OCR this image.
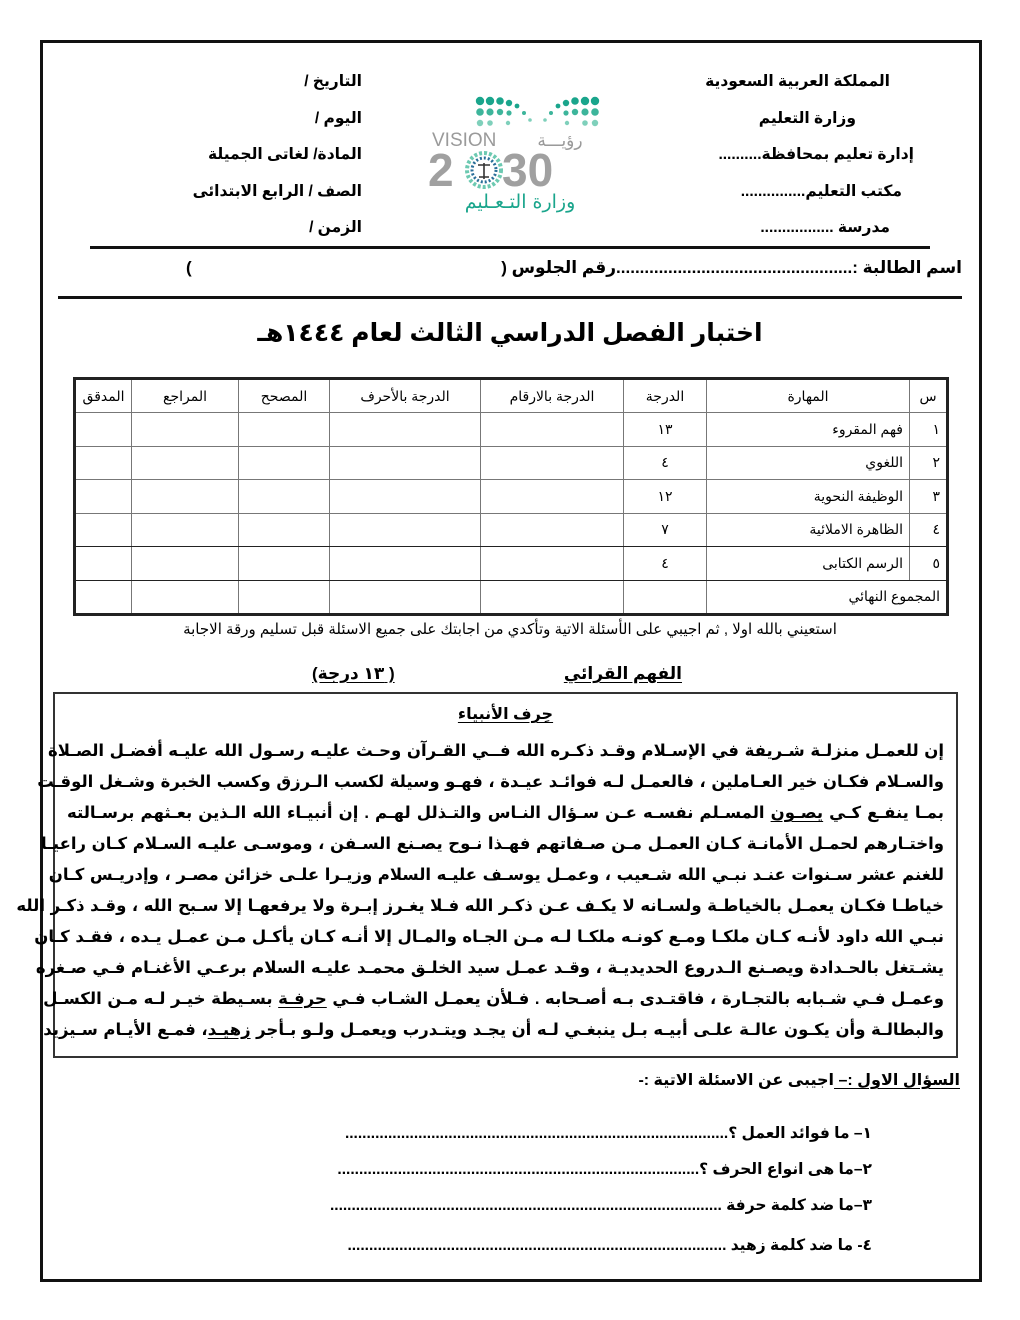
المملكة العربية السعودية
وزارة التعليم
إدارة تعليم بمحافظة..........
مكتب التعليم...............
مدرسة .................
VISION رؤيـــة
2 30
وزارة التـعـليم
التاريخ /
اليوم /
المادة/ لغاتى الجميلة
الصف / الرابع الابتدائى
الزمن /
اسم الطالبة :..................................................رقم الجلوس (
)
اختبار الفصل الدراسي الثالث لعام ١٤٤٤هـ
س	المهارة	الدرجة	الدرجة بالارقام	الدرجة بالأحرف	المصحح	المراجع	المدقق
١	فهم المقروء	١٣					
٢	اللغوي	٤					
٣	الوظيفة النحوية	١٢					
٤	الظاهرة الاملائية	٧					
٥	الرسم الكتابى	٤					
المجموع النهائي							
استعيني بالله اولا , ثم اجيبي على الأسئلة الاتية وتأكدي من اجابتك على جميع الاسئلة قبل تسليم ورقة الاجابة
الفهم القرائي
( ١٣ درجة)
حِرف الأنبياء
إن للعمـل منزلـة شـريفة في الإسـلام وقـد ذكـره الله فــي القـرآن وحـث عليـه رسـول الله عليـه أفضـل الصـلاة
والسـلام فكـان خير العـاملين ، فالعمـل لـه فوائـد عيـدة ، فهـو وسيلة لكسب الـرزق وكسب الخبرة وشـغل الوقـت
بمـا ينفـع كـي يصـون المسـلم نفسـه عـن سـؤال النـاس والتـذلل لهـم . إن أنبيـاء الله الـذين بعـثهم برسـالته
واختـارهم لحمـل الأمانـة كـان العمـل مـن صـفاتهم فهـذا نـوح يصـنع السـفن ، وموسـى عليـه السـلام كـان راعيـا
للغنم عشر سـنوات عنـد نبـي الله شـعيب ، وعمـل يوسـف عليـه السلام وزيـرا علـى خزائن مصـر ، وإدريـس كـان
خياطـا فكـان يعمـل بالخياطـة ولسـانه لا يكـف عـن ذكـر الله فـلا يغـرز إبـرة ولا يرفعهـا إلا سـبح الله ، وقـد ذكـر الله
نبـي الله داود لأنـه كـان ملكـا ومـع كونـه ملكـا لـه مـن الجـاه والمـال إلا أنـه كـان يأكـل مـن عمـل يـده ، فقـد كـان
يشـتغل بالحـدادة ويصـنع الـدروع الحديديـة ، وقـد عمـل سيد الخلـق محمـد عليـه السلام برعـي الأغنـام فـي صـغره
وعمـل فـي شـبابه بالتجـارة ، فاقتـدى بـه أصـحابه . فـلأن يعمـل الشـاب فـي حرفـة بسـيطة خيـر لـه مـن الكسـل
والبطالـة وأن يكـون عالـة علـى أبيـه بـل ينبغـي لـه أن يجـد ويتـدرب ويعمـل ولـو بـأجر زهيـد، فمـع الأيـام سـيزيد
السؤال الاول :– اجيبى عن الاسئلة الاتية :-
١– ما فوائد العمل ؟.........................................................................................
٢–ما هى انواع الحرف ؟....................................................................................
٣–ما ضد كلمة حرفة ...........................................................................................
٤- ما ضد كلمة زهيد ........................................................................................
